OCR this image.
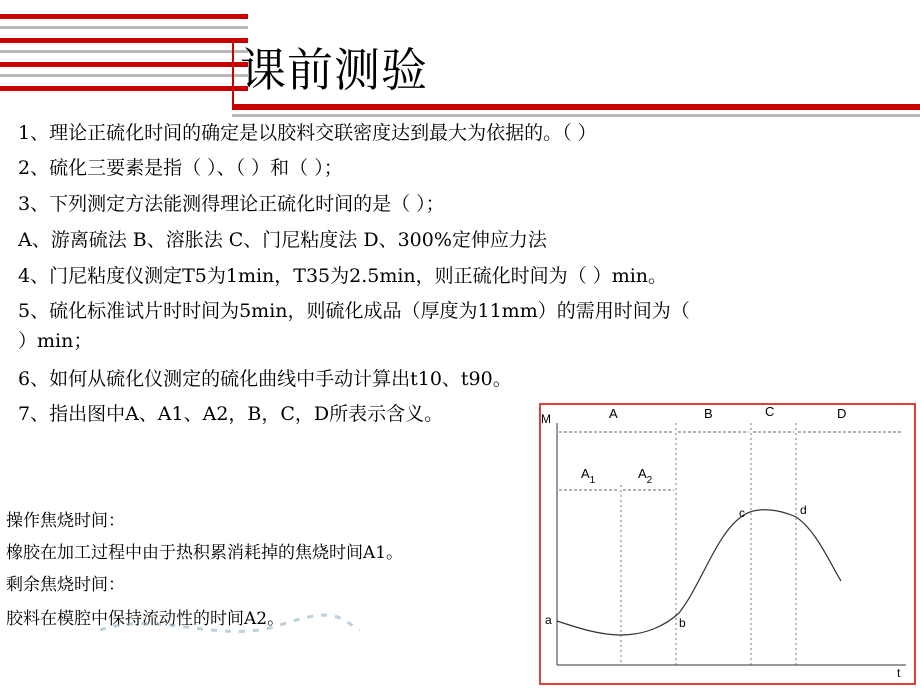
课前测验
1、理论正硫化时间的确定是以胶料交联密度达到最大为依据的。（ ）
2、硫化三要素是指（ ）、（ ）和（ ）；
3、下列测定方法能测得理论正硫化时间的是（ ）；
A、游离硫法 B、溶胀法 C、门尼粘度法 D、300%定伸应力法
4、门尼粘度仪测定T5为1min，T35为2.5min，则正硫化时间为（ ）min。
5、硫化标准试片时时间为5min，则硫化成品（厚度为11mm）的需用时间为（
）min；
6、如何从硫化仪测定的硫化曲线中手动计算出t10、t90。
7、指出图中A、A1、A2，B，C，D所表示含义。
操作焦烧时间：
橡胶在加工过程中由于热积累消耗掉的焦烧时间A1。
剩余焦烧时间：
胶料在模腔中保持流动性的时间A2。
M
t
A	B	C	D
$A_1$	$A_2$
a	b
c	d
